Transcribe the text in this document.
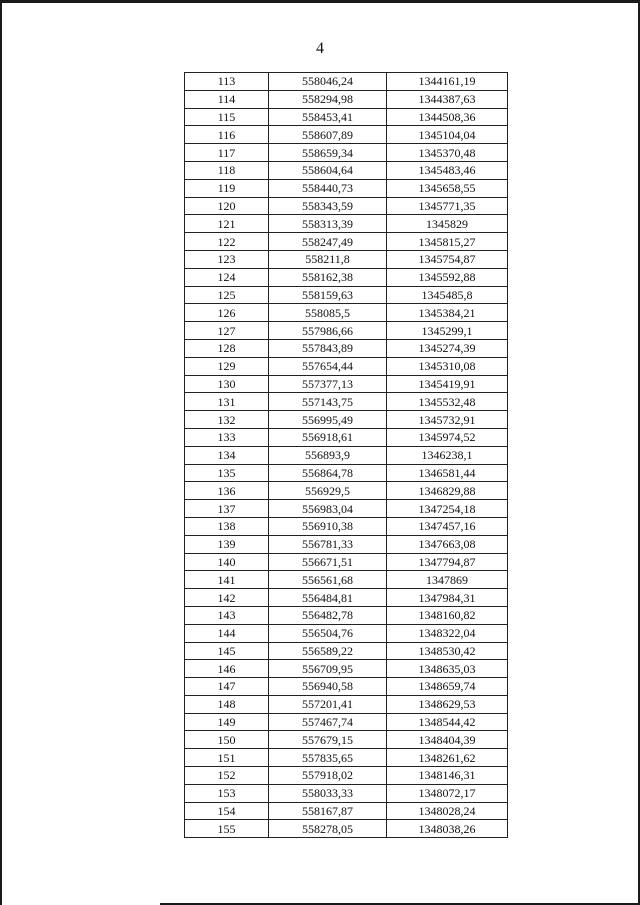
4
113	558046,24	1344161,19
114	558294,98	1344387,63
115	558453,41	1344508,36
116	558607,89	1345104,04
117	558659,34	1345370,48
118	558604,64	1345483,46
119	558440,73	1345658,55
120	558343,59	1345771,35
121	558313,39	1345829
122	558247,49	1345815,27
123	558211,8	1345754,87
124	558162,38	1345592,88
125	558159,63	1345485,8
126	558085,5	1345384,21
127	557986,66	1345299,1
128	557843,89	1345274,39
129	557654,44	1345310,08
130	557377,13	1345419,91
131	557143,75	1345532,48
132	556995,49	1345732,91
133	556918,61	1345974,52
134	556893,9	1346238,1
135	556864,78	1346581,44
136	556929,5	1346829,88
137	556983,04	1347254,18
138	556910,38	1347457,16
139	556781,33	1347663,08
140	556671,51	1347794,87
141	556561,68	1347869
142	556484,81	1347984,31
143	556482,78	1348160,82
144	556504,76	1348322,04
145	556589,22	1348530,42
146	556709,95	1348635,03
147	556940,58	1348659,74
148	557201,41	1348629,53
149	557467,74	1348544,42
150	557679,15	1348404,39
151	557835,65	1348261,62
152	557918,02	1348146,31
153	558033,33	1348072,17
154	558167,87	1348028,24
155	558278,05	1348038,26
